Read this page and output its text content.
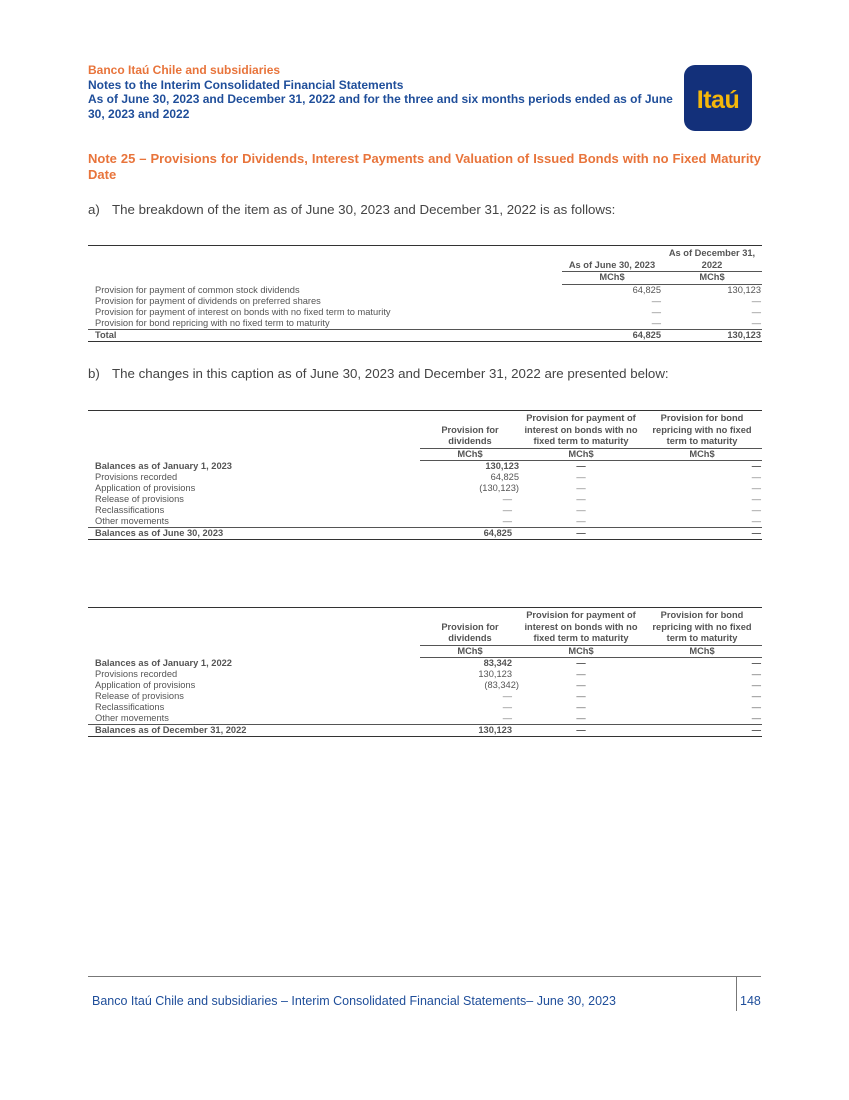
Banco Itaú Chile and subsidiaries
Notes to the Interim Consolidated Financial Statements
As of June 30, 2023 and December 31, 2022 and for the three and six months periods ended as of June 30, 2023 and 2022	Itaú
Note 25 – Provisions for Dividends, Interest Payments and Valuation of Issued Bonds with no Fixed Maturity Date
a) The breakdown of the item as of June 30, 2023 and December 31, 2022 is as follows:

	As of June 30, 2023	As of December 31, 2022
	MCh$	MCh$
Provision for payment of common stock dividends	64,825	130,123
Provision for payment of dividends on preferred shares	—	—
Provision for payment of interest on bonds with no fixed term to maturity	—	—
Provision for bond repricing with no fixed term to maturity	—	—
Total	64,825	130,123
b) The changes in this caption as of June 30, 2023 and December 31, 2022 are presented below:

	Provision for dividends	Provision for payment of interest on bonds with no fixed term to maturity	Provision for bond repricing with no fixed term to maturity
	MCh$	MCh$	MCh$
Balances as of January 1, 2023	130,123	—	—
Provisions recorded	64,825	—	—
Application of provisions	(130,123)	—	—
Release of provisions	—	—	—
Reclassifications	—	—	—
Other movements	—	—	—
Balances as of June 30, 2023	64,825	—	—

	Provision for dividends	Provision for payment of interest on bonds with no fixed term to maturity	Provision for bond repricing with no fixed term to maturity
	MCh$	MCh$	MCh$
Balances as of January 1, 2022	83,342	—	—
Provisions recorded	130,123	—	—
Application of provisions	(83,342)	—	—
Release of provisions	—	—	—
Reclassifications	—	—	—
Other movements	—	—	—
Balances as of December 31, 2022	130,123	—	—
Banco Itaú Chile and subsidiaries – Interim Consolidated Financial Statements– June 30, 2023	148
